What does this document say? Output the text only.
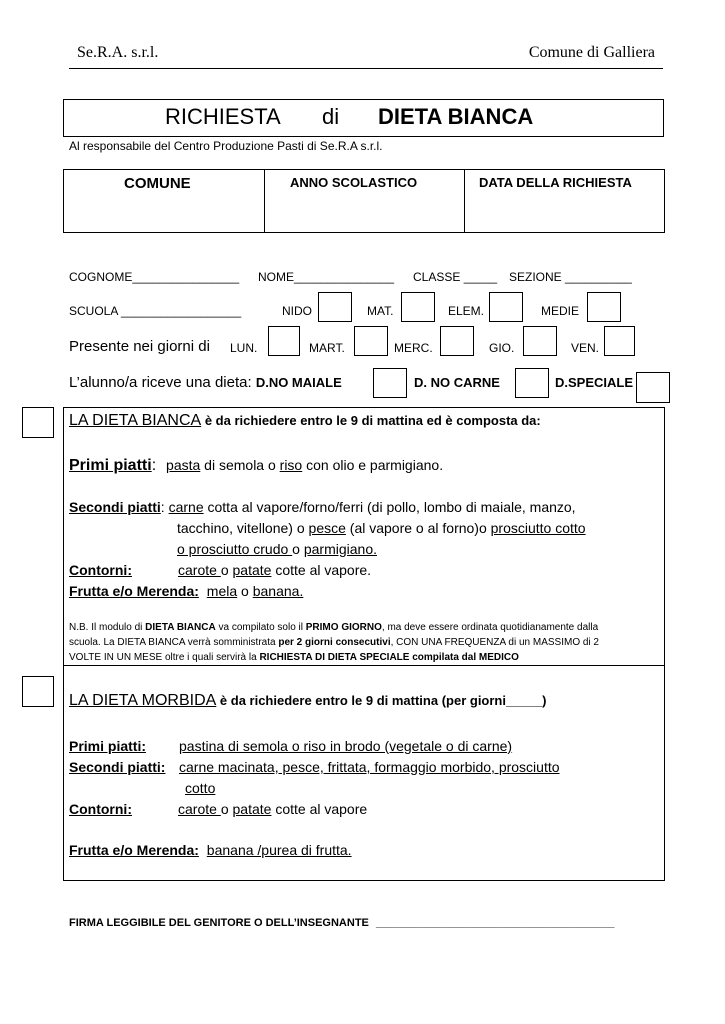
Se.R.A. s.r.l.	Comune di Galliera
RICHIESTA di DIETA BIANCA
Al responsabile del Centro Produzione Pasti di Se.R.A s.r.l.
COMUNE	ANNO SCOLASTICO	DATA DELLA RICHIESTA
COGNOME________________ NOME_______________ CLASSE _____ SEZIONE __________
SCUOLA __________________	NIDO	MAT.	ELEM.	MEDIE
Presente nei giorni di LUN.	MART.	MERC.	GIO.	VEN.
L’alunno/a riceve una dieta: D.NO MAIALE	D. NO CARNE	D.SPECIALE
LA DIETA BIANCA è da richiedere entro le 9 di mattina ed è composta da:
Primi piatti: pasta di semola o riso con olio e parmigiano.
Secondi piatti: carne cotta al vapore/forno/ferri (di pollo, lombo di maiale, manzo,
tacchino, vitellone) o pesce (al vapore o al forno)o prosciutto cotto
o prosciutto crudo o parmigiano.
Contorni:	carote o patate cotte al vapore.
Frutta e/o Merenda: mela o banana.
N.B. Il modulo di DIETA BIANCA va compilato solo il PRIMO GIORNO, ma deve essere ordinata quotidianamente dalla
scuola. La DIETA BIANCA verrà somministrata per 2 giorni consecutivi, CON UNA FREQUENZA di un MASSIMO di 2
VOLTE IN UN MESE oltre i quali servirà la RICHIESTA DI DIETA SPECIALE compilata dal MEDICO
LA DIETA MORBIDA è da richiedere entro le 9 di mattina (per giorni_____)
Primi piatti: pastina di semola o riso in brodo (vegetale o di carne)
Secondi piatti: carne macinata, pesce, frittata, formaggio morbido, prosciutto
cotto
Contorni:	carote o patate cotte al vapore
Frutta e/o Merenda: banana /purea di frutta.
FIRMA LEGGIBILE DEL GENITORE O DELL’INSEGNANTE _______________________________________
